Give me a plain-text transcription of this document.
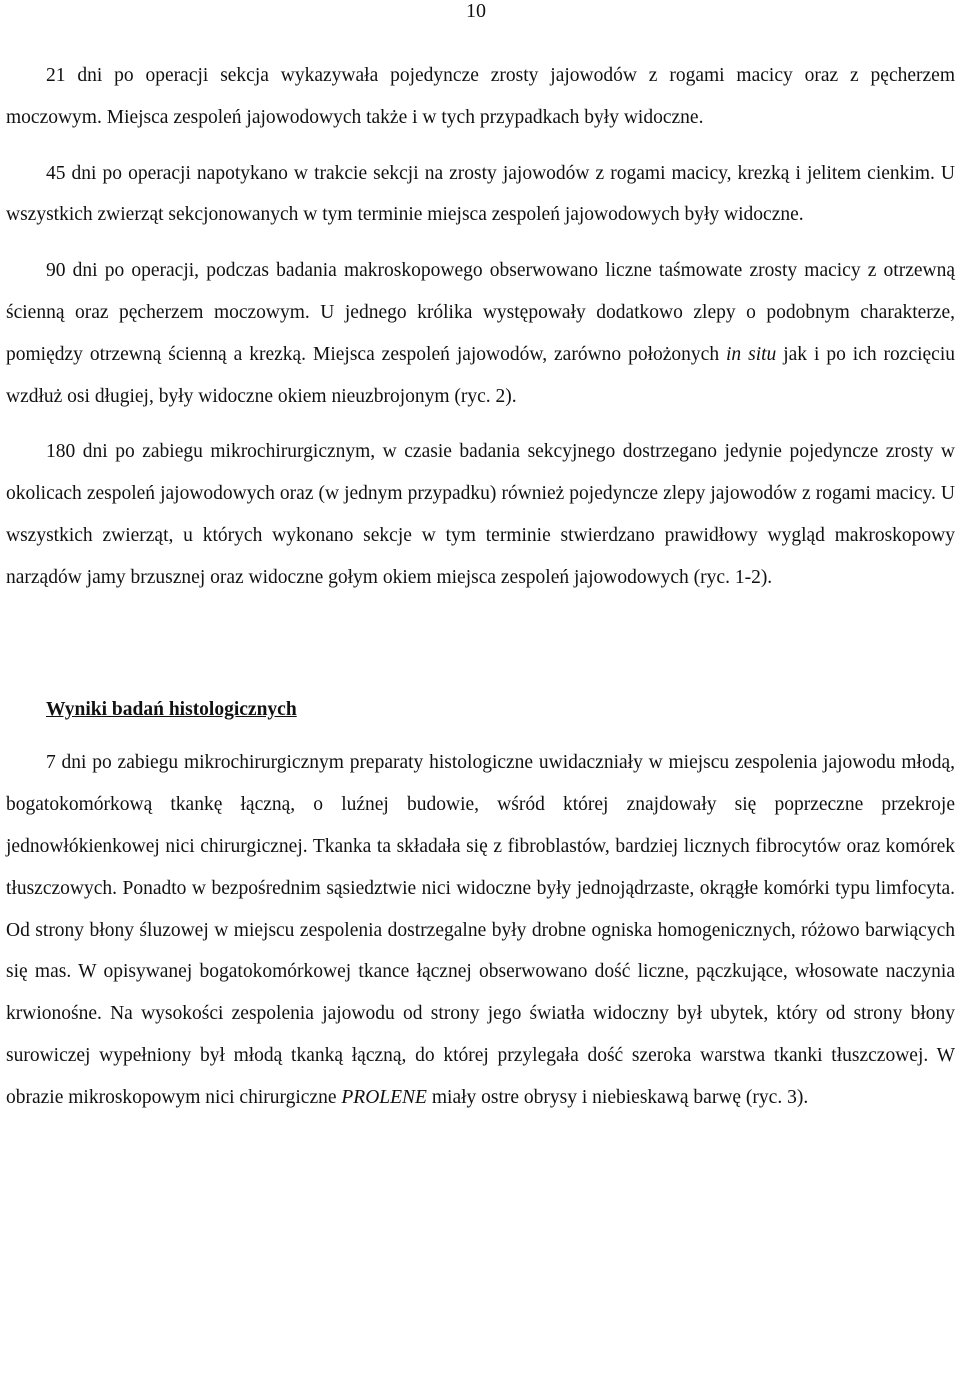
10

21 dni po operacji sekcja wykazywała pojedyncze zrosty jajowodów z rogami macicy oraz z pęcherzem moczowym. Miejsca zespoleń jajowodowych także i w tych przypadkach były widoczne.

45 dni po operacji napotykano w trakcie sekcji na zrosty jajowodów z rogami macicy, krezką i jelitem cienkim. U wszystkich zwierząt sekcjonowanych w tym terminie miejsca zespoleń jajowodowych były widoczne.

90 dni po operacji, podczas badania makroskopowego obserwowano liczne taśmowate zrosty macicy z otrzewną ścienną oraz pęcherzem moczowym. U jednego królika występowały dodatkowo zlepy o podobnym charakterze, pomiędzy otrzewną ścienną a krezką. Miejsca zespoleń jajowodów, zarówno położonych in situ jak i po ich rozcięciu wzdłuż osi długiej, były widoczne okiem nieuzbrojonym (ryc. 2).

180 dni po zabiegu mikrochirurgicznym, w czasie badania sekcyjnego dostrzegano jedynie pojedyncze zrosty w okolicach zespoleń jajowodowych oraz (w jednym przypadku) również pojedyncze zlepy jajowodów z rogami macicy. U wszystkich zwierząt, u których wykonano sekcje w tym terminie stwierdzano prawidłowy wygląd makroskopowy narządów jamy brzusznej oraz widoczne gołym okiem miejsca zespoleń jajowodowych (ryc. 1-2).

Wyniki badań histologicznych

7 dni po zabiegu mikrochirurgicznym preparaty histologiczne uwidaczniały w miejscu zespolenia jajowodu młodą, bogatokomórkową tkankę łączną, o luźnej budowie, wśród której znajdowały się poprzeczne przekroje jednowłókienkowej nici chirurgicznej. Tkanka ta składała się z fibroblastów, bardziej licznych fibrocytów oraz komórek tłuszczowych. Ponadto w bezpośrednim sąsiedztwie nici widoczne były jednojądrzaste, okrągłe komórki typu limfocyta. Od strony błony śluzowej w miejscu zespolenia dostrzegalne były drobne ogniska homogenicznych, różowo barwiących się mas. W opisywanej bogatokomórkowej tkance łącznej obserwowano dość liczne, pączkujące, włosowate naczynia krwionośne. Na wysokości zespolenia jajowodu od strony jego światła widoczny był ubytek, który od strony błony surowiczej wypełniony był młodą tkanką łączną, do której przylegała dość szeroka warstwa tkanki tłuszczowej. W obrazie mikroskopowym nici chirurgiczne PROLENE miały ostre obrysy i niebieskawą barwę (ryc. 3).
